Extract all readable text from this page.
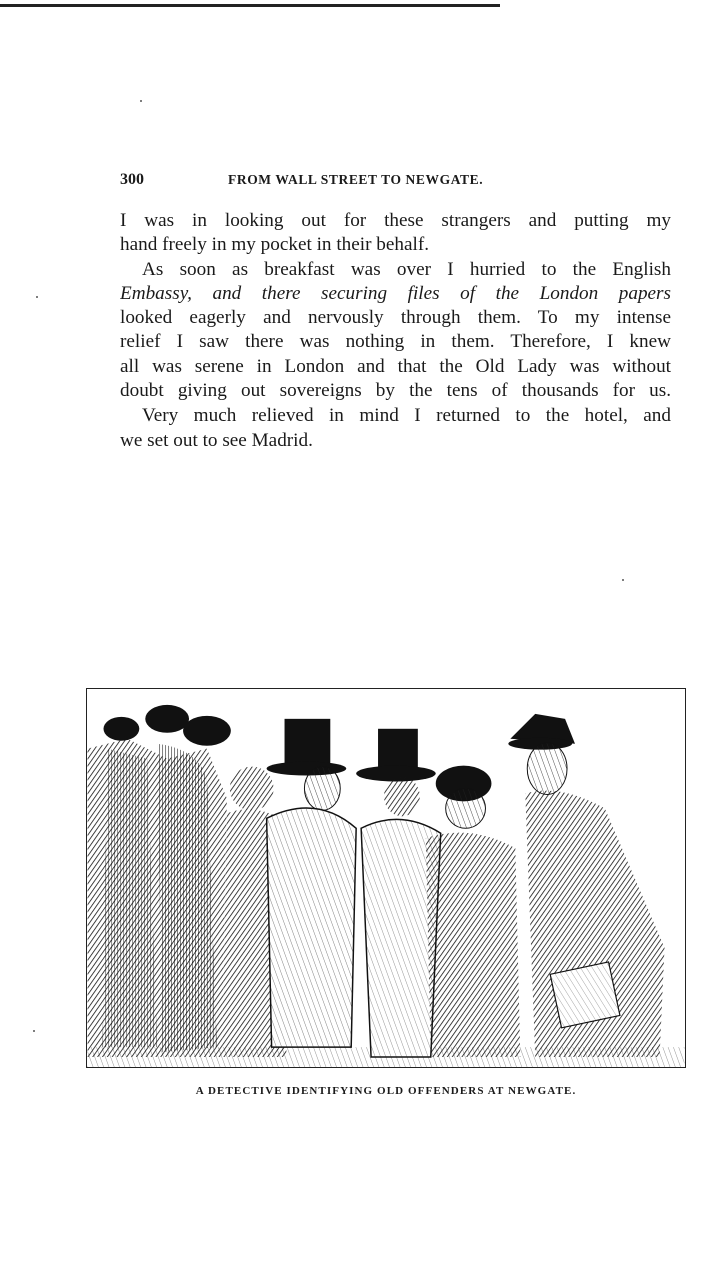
300	FROM WALL STREET TO NEWGATE.
I was in looking out for these strangers and putting my
hand freely in my pocket in their behalf.
As soon as breakfast was over I hurried to the English
Embassy, and there securing files of the London papers
looked eagerly and nervously through them. To my intense
relief I saw there was nothing in them. Therefore, I knew
all was serene in London and that the Old Lady was without
doubt giving out sovereigns by the tens of thousands for us.
Very much relieved in mind I returned to the hotel, and
we set out to see Madrid.
A DETECTIVE IDENTIFYING OLD OFFENDERS AT NEWGATE.
